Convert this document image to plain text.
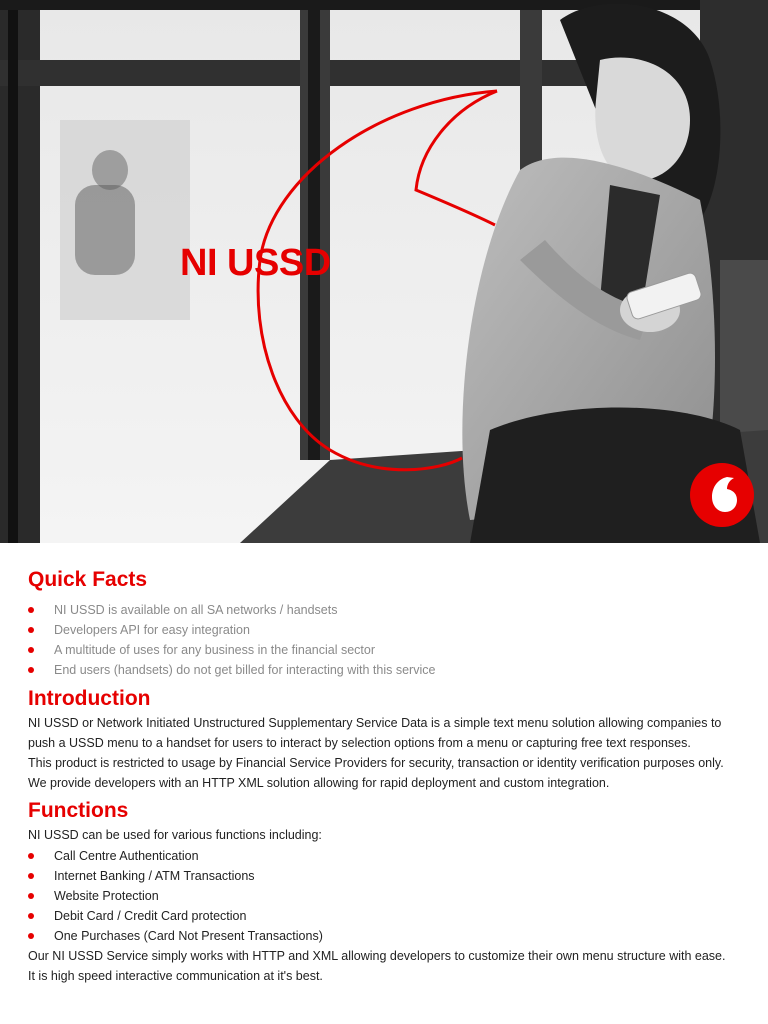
NI USSD
Quick Facts
NI USSD is available on all SA networks / handsets
Developers API for easy integration
A multitude of uses for any business in the financial sector
End users (handsets) do not get billed for interacting with this service
Introduction
NI USSD or Network Initiated Unstructured Supplementary Service Data is a simple text menu solution allowing companies to
push a USSD menu to a handset for users to interact by selection options from a menu or capturing free text responses.
This product is restricted to usage by Financial Service Providers for security, transaction or identity verification purposes only.
We provide developers with an HTTP XML solution allowing for rapid deployment and custom integration.
Functions
NI USSD can be used for various functions including:
Call Centre Authentication
Internet Banking / ATM Transactions
Website Protection
Debit Card / Credit Card protection
One Purchases (Card Not Present Transactions)
Our NI USSD Service simply works with HTTP and XML allowing developers to customize their own menu structure with ease.
It is high speed interactive communication at it's best.
